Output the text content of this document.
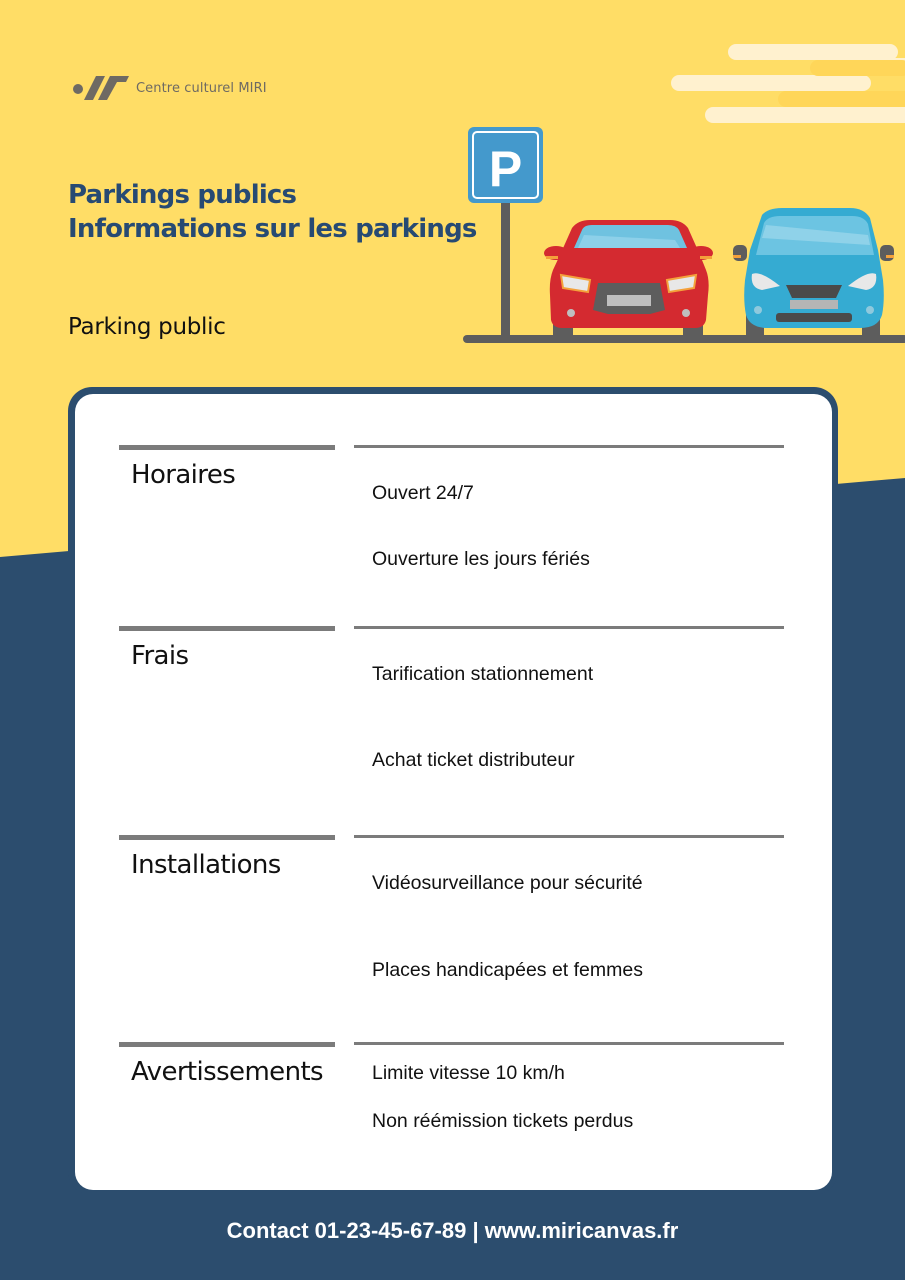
Centre culturel MIRI
P
Parkings publics
Informations sur les parkings
Parking public
Horaires
Ouvert 24/7
Ouverture les jours fériés
Frais
Tarification stationnement
Achat ticket distributeur
Installations
Vidéosurveillance pour sécurité
Places handicapées et femmes
Avertissements	Limite vitesse 10 km/h
Non réémission tickets perdus
Contact 01-23-45-67-89 | www.miricanvas.fr
